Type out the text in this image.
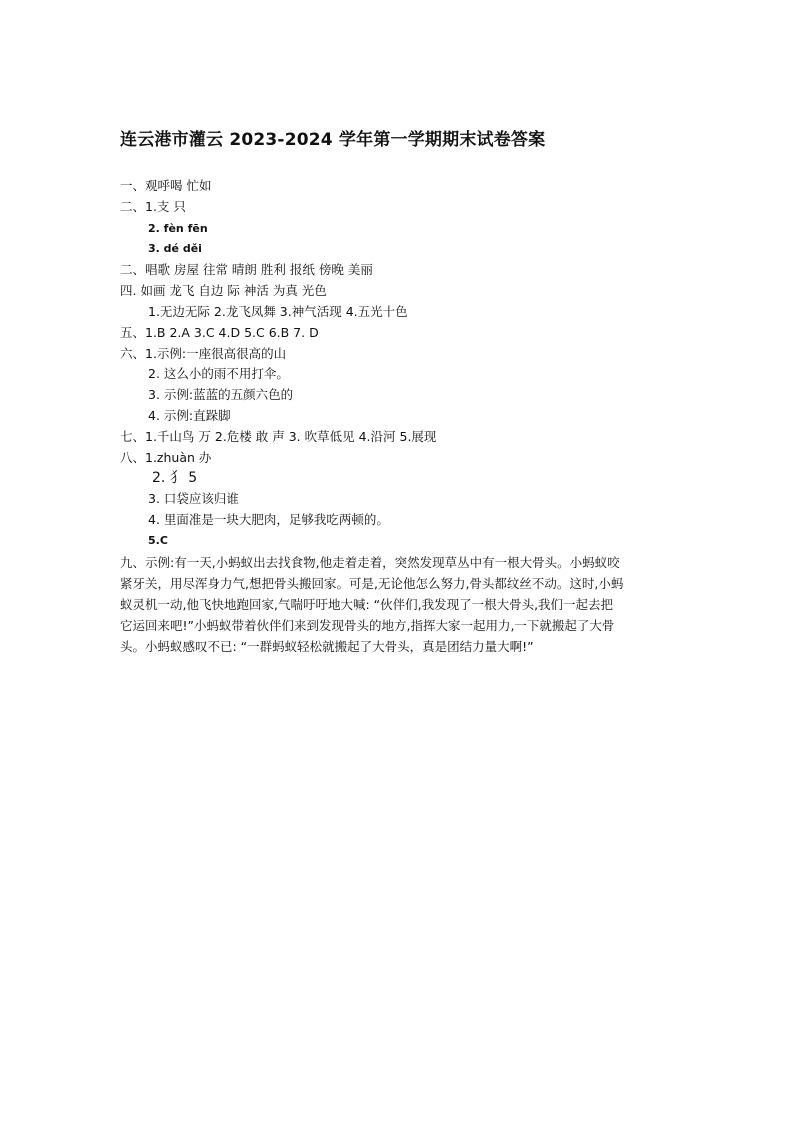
连云港市灌云 2023-2024 学年第一学期期末试卷答案
一、观呼喝 忙如
二、1.支 只
2. fèn fēn
3. dé děi
二、唱歌 房屋 往常 晴朗 胜利 报纸 傍晚 美丽
四. 如画 龙飞 自边 际 神活 为真 光色
1.无边无际 2.龙飞凤舞 3.神气活现 4.五光十色
五、1.B 2.A 3.C 4.D 5.C 6.B 7. D
六、1.示例:一座很高很高的山
2. 这么小的雨不用打伞。
3. 示例:蓝蓝的五颜六色的
4. 示例:直跺脚
七、1.千山鸟 万 2.危楼 敢 声 3. 吹草低见 4.沿河 5.展现
八、1.zhuàn 办
2. 犭 5
3. 口袋应该归谁
4. 里面准是一块大肥肉，足够我吃两顿的。
5.C
九、示例:有一天,小蚂蚁出去找食物,他走着走着，突然发现草丛中有一根大骨头。小蚂蚁咬
紧牙关，用尽浑身力气,想把骨头搬回家。可是,无论他怎么努力,骨头都纹丝不动。这时,小蚂
蚁灵机一动,他飞快地跑回家,气喘吁吁地大喊: “伙伴们,我发现了一根大骨头,我们一起去把
它运回来吧!”小蚂蚁带着伙伴们来到发现骨头的地方,指挥大家一起用力,一下就搬起了大骨
头。小蚂蚁感叹不已: “一群蚂蚁轻松就搬起了大骨头，真是团结力量大啊!”
